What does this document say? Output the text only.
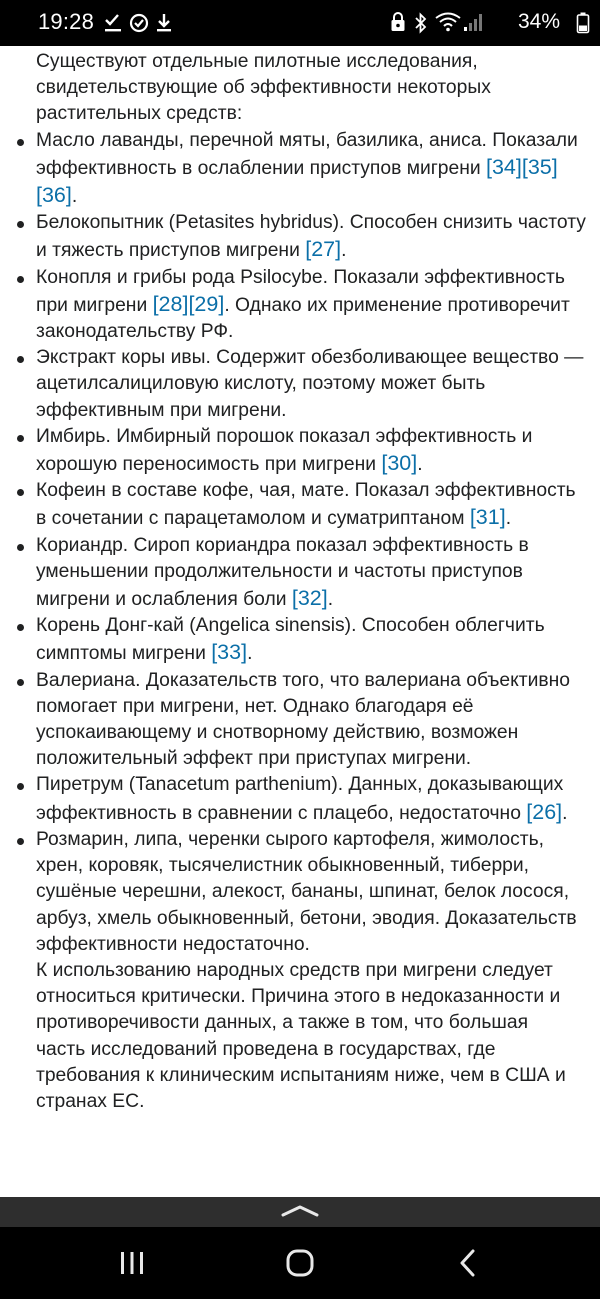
19:28	34%
Существуют отдельные пилотные исследования, свидетельствующие об эффективности некоторых растительных средств:
Масло лаванды, перечной мяты, базилика, аниса. Показали эффективность в ослаблении приступов мигрени [34][35][36].
Белокопытник (Petasites hybridus). Способен снизить частоту и тяжесть приступов мигрени [27].
Конопля и грибы рода Psilocybe. Показали эффективность при мигрени [28][29]. Однако их применение противоречит законодательству РФ.
Экстракт коры ивы. Содержит обезболивающее вещество — ацетилсалициловую кислоту, поэтому может быть эффективным при мигрени.
Имбирь. Имбирный порошок показал эффективность и хорошую переносимость при мигрени [30].
Кофеин в составе кофе, чая, мате. Показал эффективность в сочетании с парацетамолом и суматриптаном [31].
Кориандр. Сироп кориандра показал эффективность в уменьшении продолжительности и частоты приступов мигрени и ослабления боли [32].
Корень Донг-кай (Angelica sinensis). Способен облегчить симптомы мигрени [33].
Валериана. Доказательств того, что валериана объективно помогает при мигрени, нет. Однако благодаря её успокаивающему и снотворному действию, возможен положительный эффект при приступах мигрени.
Пиретрум (Tanacetum parthenium). Данных, доказывающих эффективность в сравнении с плацебо, недостаточно [26].
Розмарин, липа, черенки сырого картофеля, жимолость, хрен, коровяк, тысячелистник обыкновенный, тиберри, сушёные черешни, алекост, бананы, шпинат, белок лосося, арбуз, хмель обыкновенный, бетони, эводия. Доказательств эффективности недостаточно.
К использованию народных средств при мигрени следует относиться критически. Причина этого в недоказанности и противоречивости данных, а также в том, что большая часть исследований проведена в государствах, где требования к клиническим испытаниям ниже, чем в США и странах ЕС.
